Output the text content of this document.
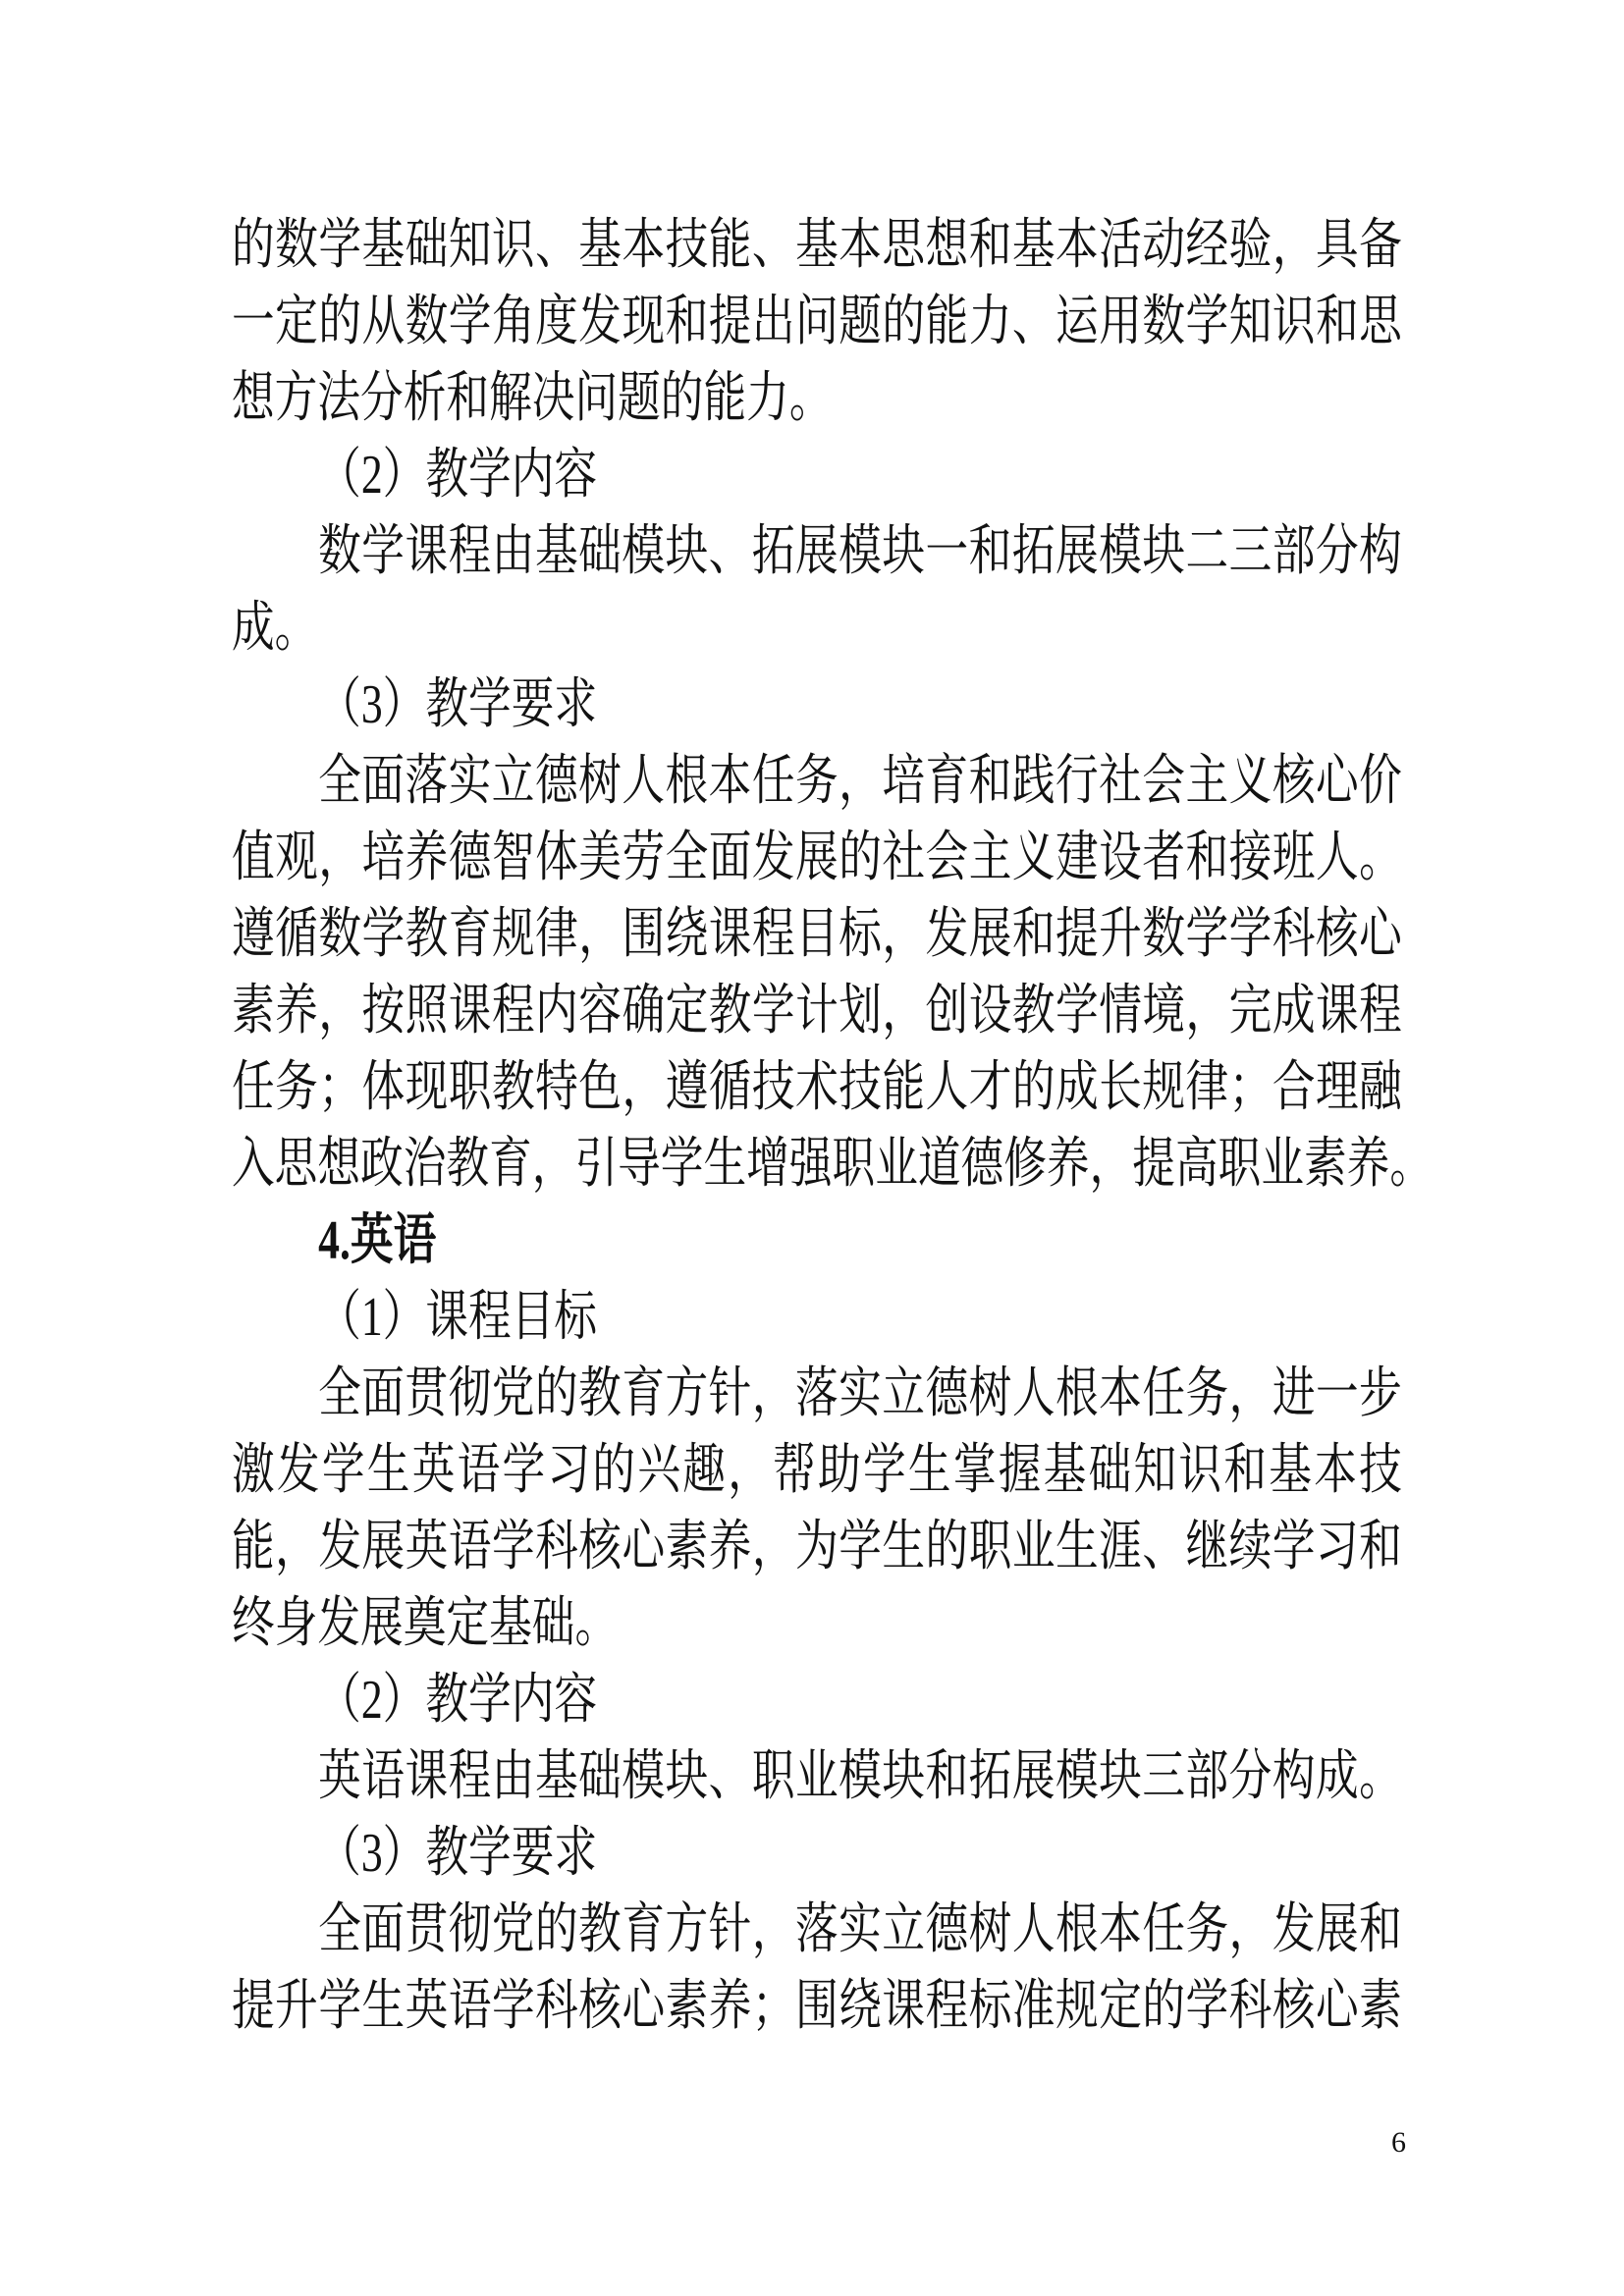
的数学基础知识、基本技能、基本思想和基本活动经验，具备
一定的从数学角度发现和提出问题的能力、运用数学知识和思
想方法分析和解决问题的能力。
（2）教学内容
数学课程由基础模块、拓展模块一和拓展模块二三部分构
成。
（3）教学要求
全面落实立德树人根本任务，培育和践行社会主义核心价
值观，培养德智体美劳全面发展的社会主义建设者和接班人。
遵循数学教育规律，围绕课程目标，发展和提升数学学科核心
素养，按照课程内容确定教学计划，创设教学情境，完成课程
任务；体现职教特色，遵循技术技能人才的成长规律；合理融
入思想政治教育，引导学生增强职业道德修养，提高职业素养。
4.英语
（1）课程目标
全面贯彻党的教育方针，落实立德树人根本任务，进一步
激发学生英语学习的兴趣，帮助学生掌握基础知识和基本技
能，发展英语学科核心素养，为学生的职业生涯、继续学习和
终身发展奠定基础。
（2）教学内容
英语课程由基础模块、职业模块和拓展模块三部分构成。
（3）教学要求
全面贯彻党的教育方针，落实立德树人根本任务，发展和
提升学生英语学科核心素养；围绕课程标准规定的学科核心素
6
